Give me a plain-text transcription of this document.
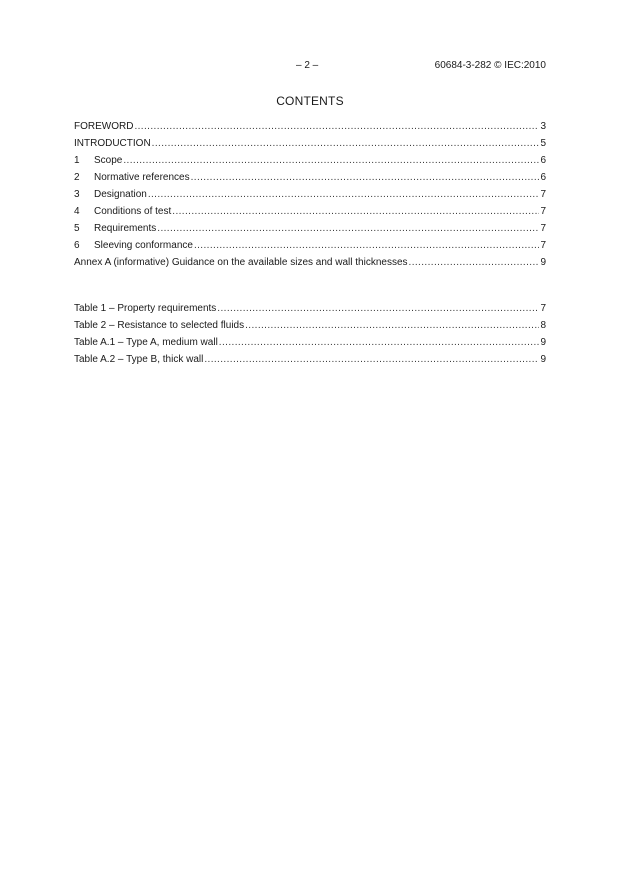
– 2 –	60684-3-282 © IEC:2010
CONTENTS
FOREWORD .....	3
INTRODUCTION .....	5
1	Scope .....	6
2	Normative references .....	6
3	Designation .....	7
4	Conditions of test .....	7
5	Requirements .....	7
6	Sleeving conformance .....	7
Annex A (informative) Guidance on the available sizes and wall thicknesses .....	9
Table 1 – Property requirements .....	7
Table 2 – Resistance to selected fluids .....	8
Table A.1 – Type A, medium wall .....	9
Table A.2 – Type B, thick wall .....	9
